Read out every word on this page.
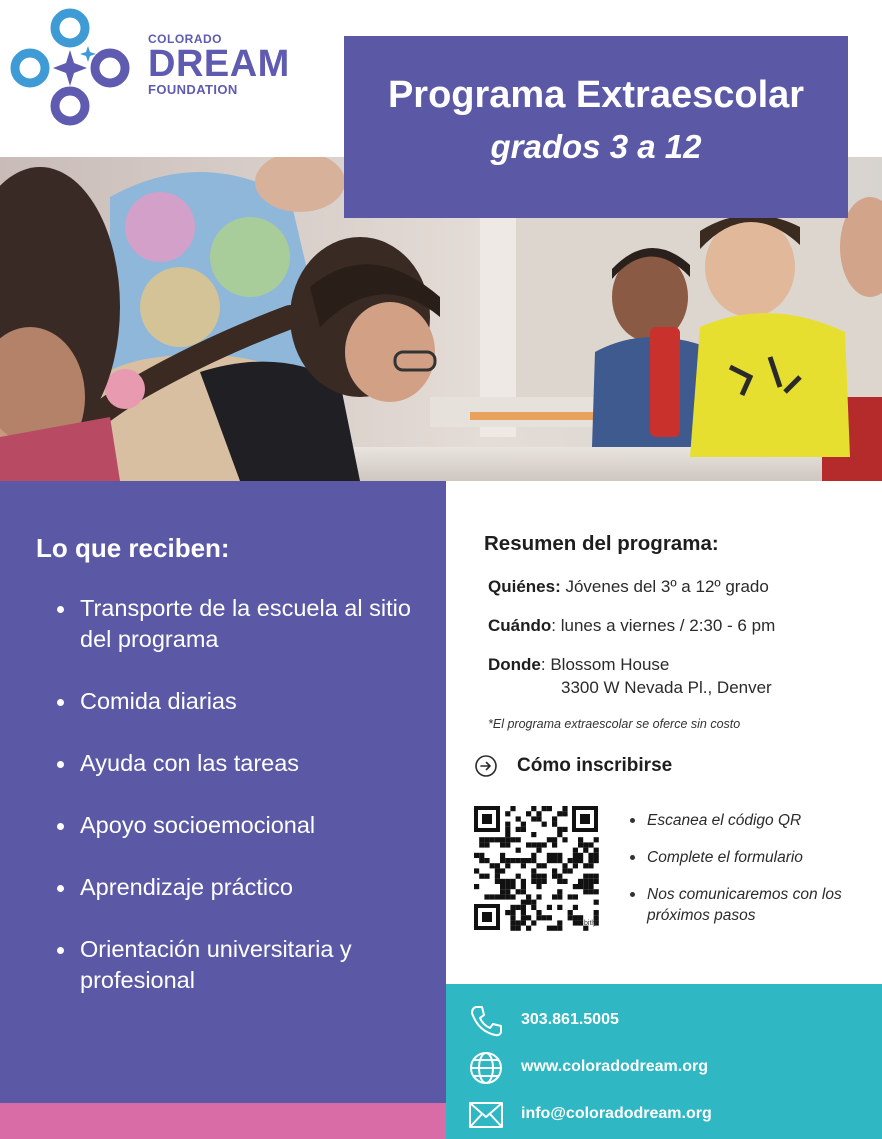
COLORADO
DREAM
FOUNDATION	Programa Extraescolar
grados 3 a 12
Lo que reciben:
Transporte de la escuela al sitio del programa
Comida diarias
Ayuda con las tareas
Apoyo socioemocional
Aprendizaje práctico
Orientación universitaria y profesional
Resumen del programa:
Quiénes: Jóvenes del 3º a 12º grado
Cuándo: lunes a viernes / 2:30 - 6 pm
Donde: Blossom House
3300 W Nevada Pl., Denver
*El programa extraescolar se oferce sin costo
Cómo inscribirse
bitly
Escanea el código QR
Complete el formulario
Nos comunicaremos con los próximos pasos
303.861.5005
www.coloradodream.org
info@coloradodream.org
